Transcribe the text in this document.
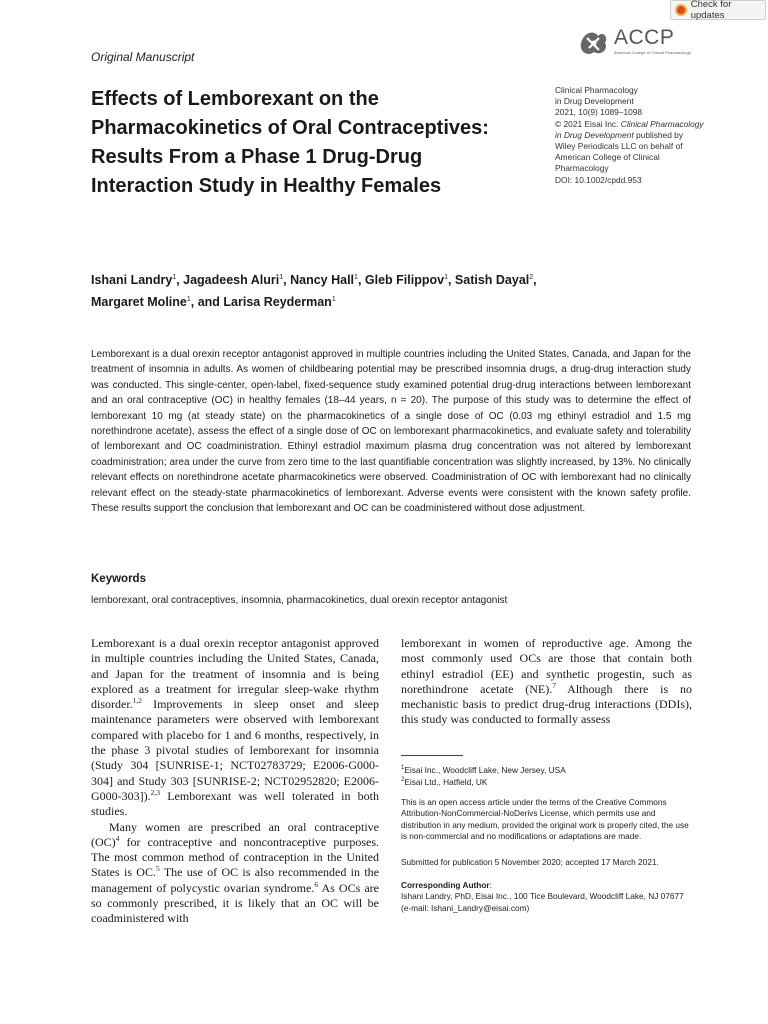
Check for updates
Original Manuscript
ACCP
American College of Clinical Pharmacology
Effects of Lemborexant on the Pharmacokinetics of Oral Contraceptives: Results From a Phase 1 Drug-Drug Interaction Study in Healthy Females
Clinical Pharmacology
in Drug Development
2021, 10(9) 1089–1098
© 2021 Eisai Inc. Clinical Pharmacology in Drug Development published by Wiley Periodicals LLC on behalf of American College of Clinical Pharmacology
DOI: 10.1002/cpdd.953
Ishani Landry$^1$, Jagadeesh Aluri$^1$, Nancy Hall$^1$, Gleb Filippov$^1$, Satish Dayal$^2$,
Margaret Moline$^1$, and Larisa Reyderman$^1$
Lemborexant is a dual orexin receptor antagonist approved in multiple countries including the United States, Canada, and Japan for the treatment of insomnia in adults. As women of childbearing potential may be prescribed insomnia drugs, a drug-drug interaction study was conducted. This single-center, open-label, fixed-sequence study examined potential drug-drug interactions between lemborexant and an oral contraceptive (OC) in healthy females (18–44 years, n = 20). The purpose of this study was to determine the effect of lemborexant 10 mg (at steady state) on the pharmacokinetics of a single dose of OC (0.03 mg ethinyl estradiol and 1.5 mg norethindrone acetate), assess the effect of a single dose of OC on lemborexant pharmacokinetics, and evaluate safety and tolerability of lemborexant and OC coadministration. Ethinyl estradiol maximum plasma drug concentration was not altered by lemborexant coadministration; area under the curve from zero time to the last quantifiable concentration was slightly increased, by 13%. No clinically relevant effects on norethindrone acetate pharmacokinetics were observed. Coadministration of OC with lemborexant had no clinically relevant effect on the steady-state pharmacokinetics of lemborexant. Adverse events were consistent with the known safety profile. These results support the conclusion that lemborexant and OC can be coadministered without dose adjustment.
Keywords
lemborexant, oral contraceptives, insomnia, pharmacokinetics, dual orexin receptor antagonist

Lemborexant is a dual orexin receptor antagonist approved in multiple countries including the United States, Canada, and Japan for the treatment of insomnia and is being explored as a treatment for irregular sleep-wake rhythm disorder.$^{1,2}$ Improvements in sleep onset and sleep maintenance parameters were observed with lemborexant compared with placebo for 1 and 6 months, respectively, in the phase 3 pivotal studies of lemborexant for insomnia (Study 304 [SUNRISE-1; NCT02783729; E2006-G000-304] and Study 303 [SUNRISE-2; NCT02952820; E2006-G000-303]).$^{2,3}$ Lemborexant was well tolerated in both studies.

Many women are prescribed an oral contraceptive (OC)$^4$ for contraceptive and noncontraceptive purposes. The most common method of contraception in the United States is OC.$^5$ The use of OC is also recommended in the management of polycystic ovarian syndrome.$^6$ As OCs are so commonly prescribed, it is likely that an OC will be coadministered with

lemborexant in women of reproductive age. Among the most commonly used OCs are those that contain both ethinyl estradiol (EE) and synthetic progestin, such as norethindrone acetate (NE).$^7$ Although there is no mechanistic basis to predict drug-drug interactions (DDIs), this study was conducted to formally assess

$^1$Eisai Inc., Woodcliff Lake, New Jersey, USA
$^2$Eisai Ltd., Hatfield, UK
This is an open access article under the terms of the Creative Commons Attribution-NonCommercial-NoDerivs License, which permits use and distribution in any medium, provided the original work is properly cited, the use is non-commercial and no modifications or adaptations are made.
Submitted for publication 5 November 2020; accepted 17 March 2021.
Corresponding Author:
Ishani Landry, PhD, Eisai Inc., 100 Tice Boulevard, Woodcliff Lake, NJ 07677
(e-mail: Ishani_Landry@eisai.com)
